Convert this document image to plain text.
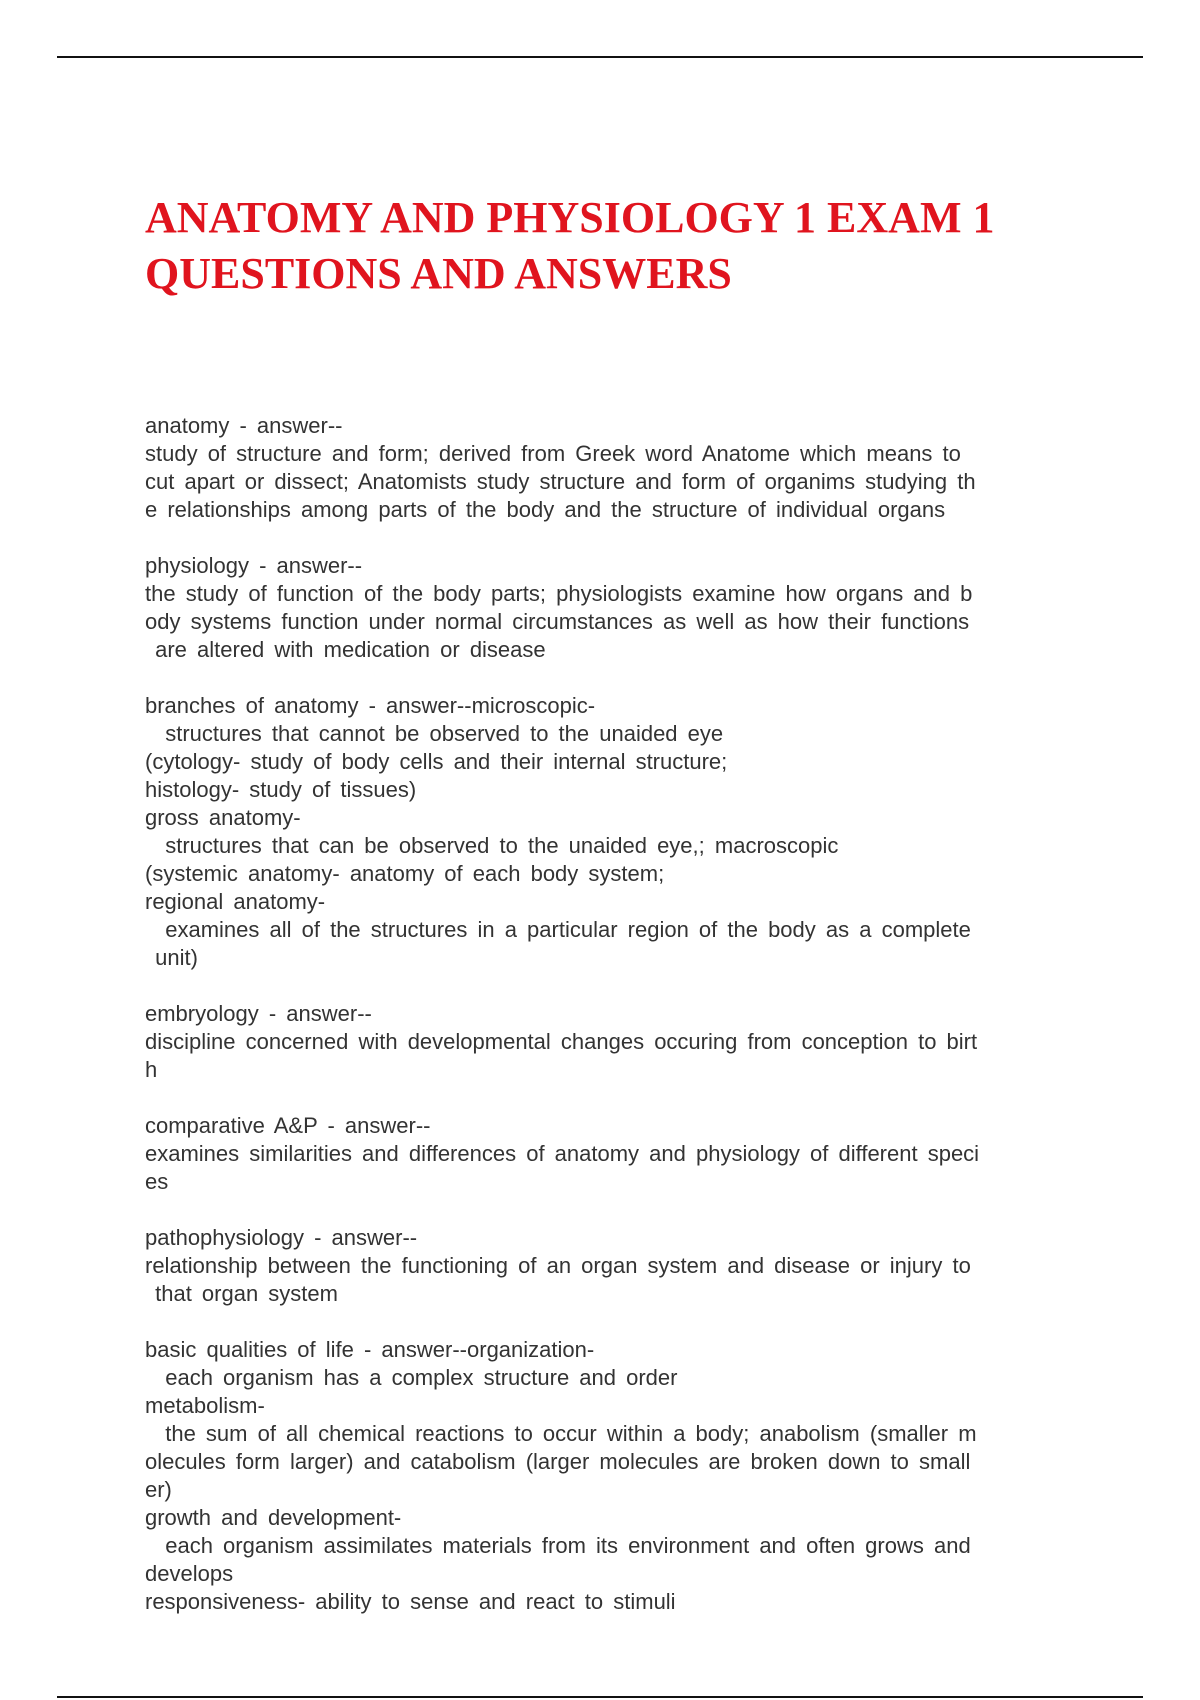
ANATOMY AND PHYSIOLOGY 1 EXAM 1
QUESTIONS AND ANSWERS
anatomy - answer--
study of structure and form; derived from Greek word Anatome which means to
cut apart or dissect; Anatomists study structure and form of organims studying th
e relationships among parts of the body and the structure of individual organs
physiology - answer--
the study of function of the body parts; physiologists examine how organs and b
ody systems function under normal circumstances as well as how their functions
are altered with medication or disease
branches of anatomy - answer--microscopic-
structures that cannot be observed to the unaided eye
(cytology- study of body cells and their internal structure;
histology- study of tissues)
gross anatomy-
structures that can be observed to the unaided eye,; macroscopic
(systemic anatomy- anatomy of each body system;
regional anatomy-
examines all of the structures in a particular region of the body as a complete
unit)
embryology - answer--
discipline concerned with developmental changes occuring from conception to birt
h
comparative A&P - answer--
examines similarities and differences of anatomy and physiology of different speci
es
pathophysiology - answer--
relationship between the functioning of an organ system and disease or injury to
that organ system
basic qualities of life - answer--organization-
each organism has a complex structure and order
metabolism-
the sum of all chemical reactions to occur within a body; anabolism (smaller m
olecules form larger) and catabolism (larger molecules are broken down to small
er)
growth and development-
each organism assimilates materials from its environment and often grows and
develops
responsiveness- ability to sense and react to stimuli
